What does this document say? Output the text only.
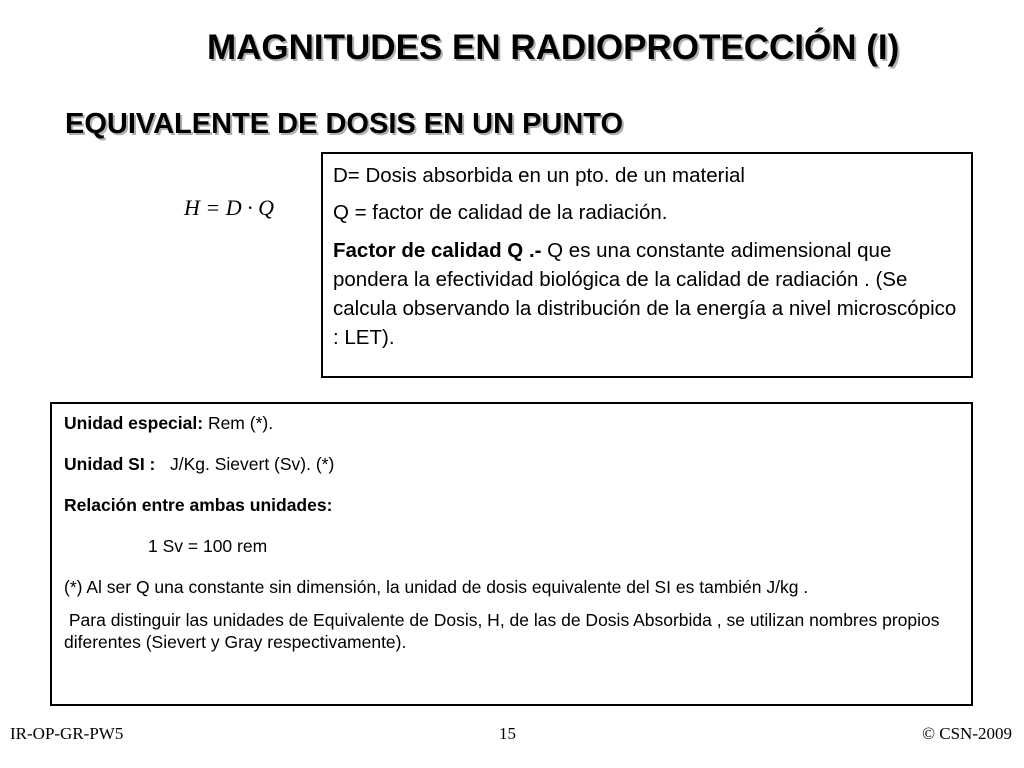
MAGNITUDES EN RADIOPROTECCIÓN (I)
EQUIVALENTE DE DOSIS EN UN PUNTO
H = D · Q

D= Dosis absorbida en un pto. de un material

Q = factor de calidad de la radiación.

Factor de calidad Q .- Q es una constante adimensional que pondera la efectividad biológica de la calidad de radiación . (Se calcula observando la distribución de la energía a nivel microscópico : LET).

Unidad especial: Rem (*).

Unidad SI :   J/Kg. Sievert (Sv). (*)

Relación entre ambas unidades:

1 Sv = 100 rem

(*) Al ser Q una constante sin dimensión, la unidad de dosis equivalente del SI es también J/kg .

Para distinguir las unidades de Equivalente de Dosis, H, de las de Dosis Absorbida , se utilizan nombres propios diferentes (Sievert y Gray respectivamente).

IR-OP-GR-PW5	15	© CSN-2009
